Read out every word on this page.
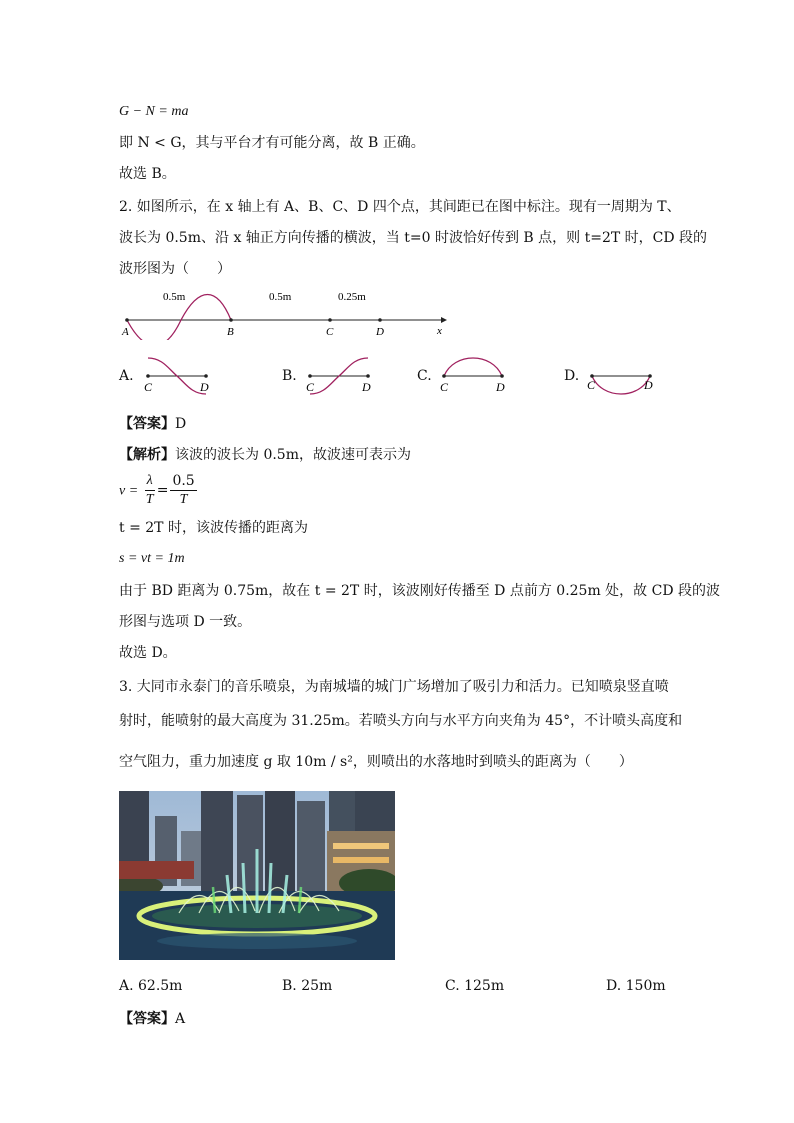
G − N = ma
即 N < G，其与平台才有可能分离，故 B 正确。
故选 B。
2. 如图所示，在 x 轴上有 A、B、C、D 四个点，其间距已在图中标注。现有一周期为 T、
波长为 0.5m、沿 x 轴正方向传播的横波，当 t=0 时波恰好传到 B 点，则 t=2T 时，CD 段的
波形图为（　　）
0.5m	0.5m	0.25m
A	B	C	D	x
A.
C	D
B.
C	D
C.
C	D
D.
C	D
【答案】D
【解析】该波的波长为 0.5m，故波速可表示为
$v = \frac{\lambda}{T} = \frac{0.5}{T}$
t = 2T 时，该波传播的距离为
s = vt = 1m
由于 BD 距离为 0.75m，故在 t = 2T 时，该波刚好传播至 D 点前方 0.25m 处，故 CD 段的波
形图与选项 D 一致。
故选 D。
3. 大同市永泰门的音乐喷泉，为南城墙的城门广场增加了吸引力和活力。已知喷泉竖直喷
射时，能喷射的最大高度为 31.25m。若喷头方向与水平方向夹角为 45°，不计喷头高度和
空气阻力，重力加速度 g 取 10m / s²，则喷出的水落地时到喷头的距离为（　　）
A. 62.5m	B. 25m	C. 125m	D. 150m
【答案】A
